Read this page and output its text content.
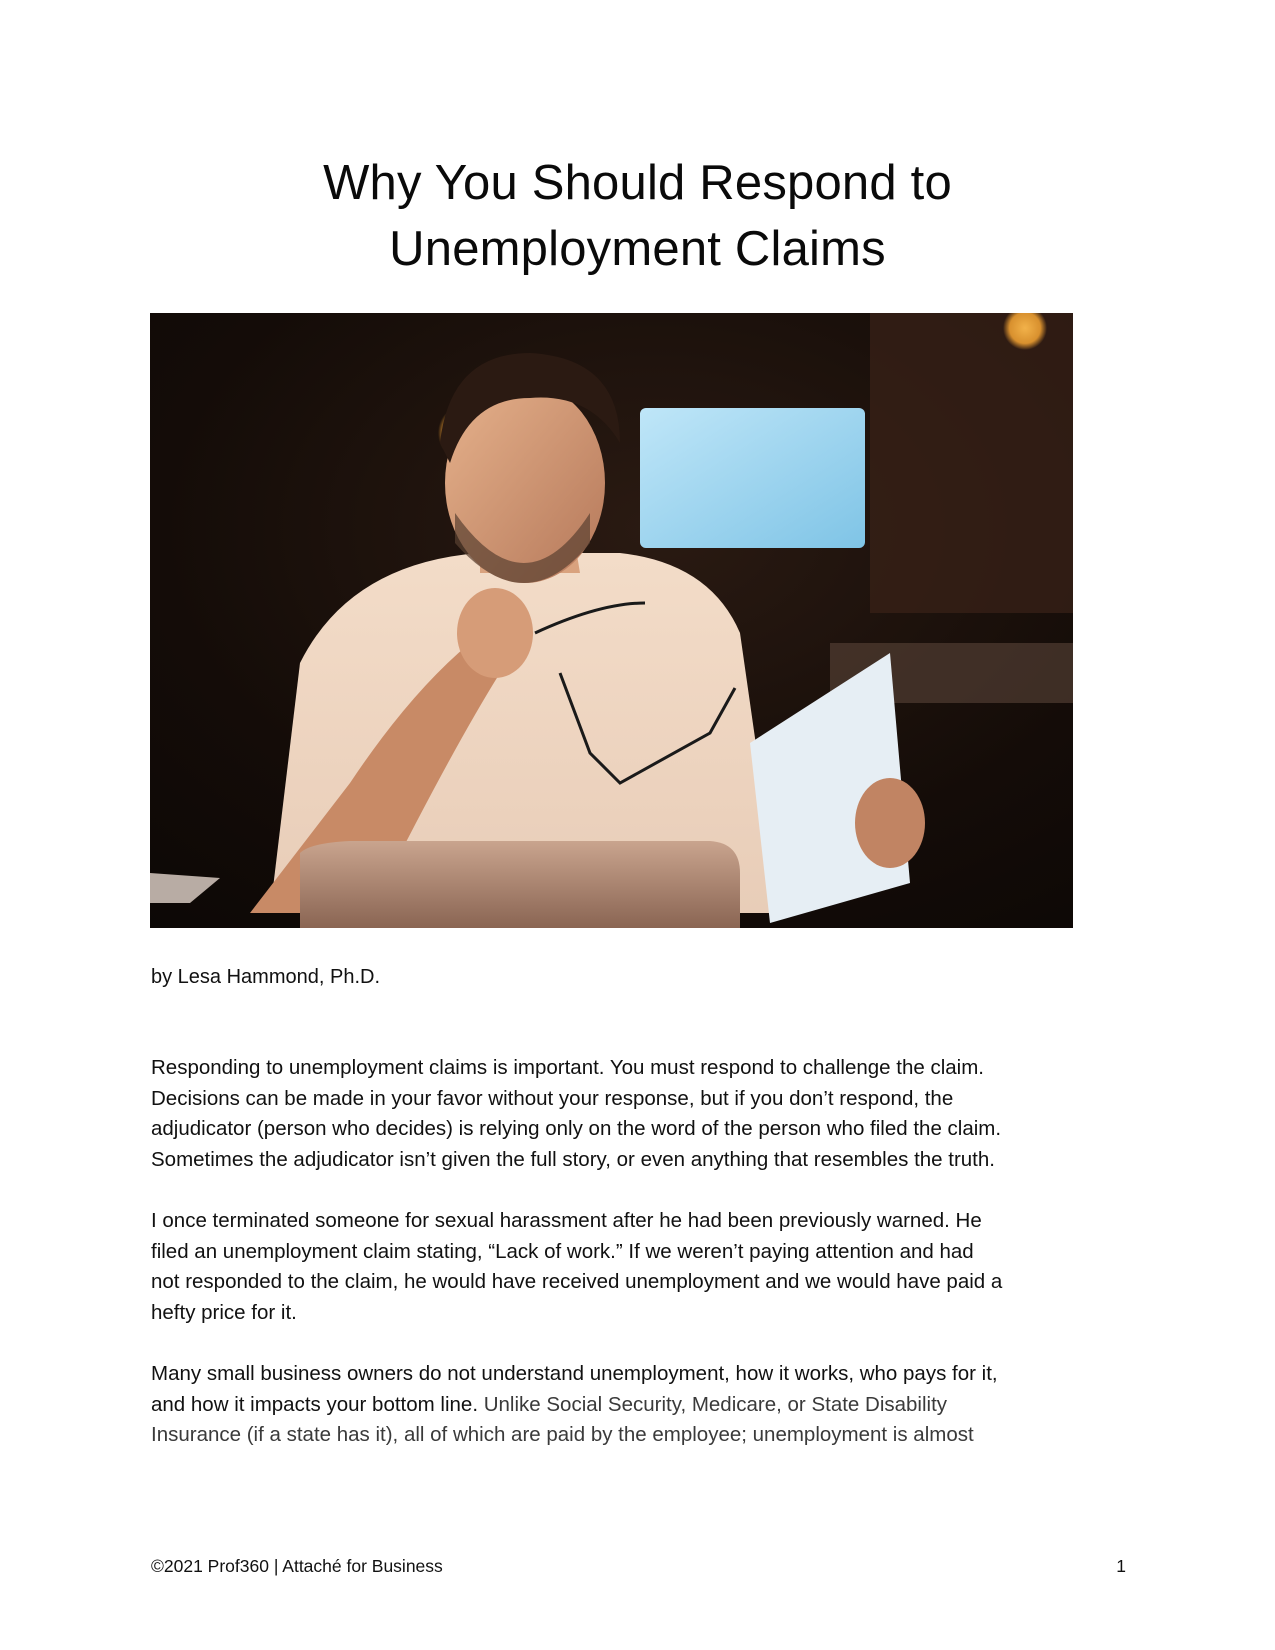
Why You Should Respond to
Unemployment Claims

by Lesa Hammond, Ph.D.

Responding to unemployment claims is important. You must respond to challenge the claim.
Decisions can be made in your favor without your response, but if you don’t respond, the
adjudicator (person who decides) is relying only on the word of the person who filed the claim.
Sometimes the adjudicator isn’t given the full story, or even anything that resembles the truth.

I once terminated someone for sexual harassment after he had been previously warned. He
filed an unemployment claim stating, “Lack of work.” If we weren’t paying attention and had
not responded to the claim, he would have received unemployment and we would have paid a
hefty price for it.

Many small business owners do not understand unemployment, how it works, who pays for it,
and how it impacts your bottom line. Unlike Social Security, Medicare, or State Disability
Insurance (if a state has it), all of which are paid by the employee; unemployment is almost

©2021 Prof360 | Attaché for Business	1
